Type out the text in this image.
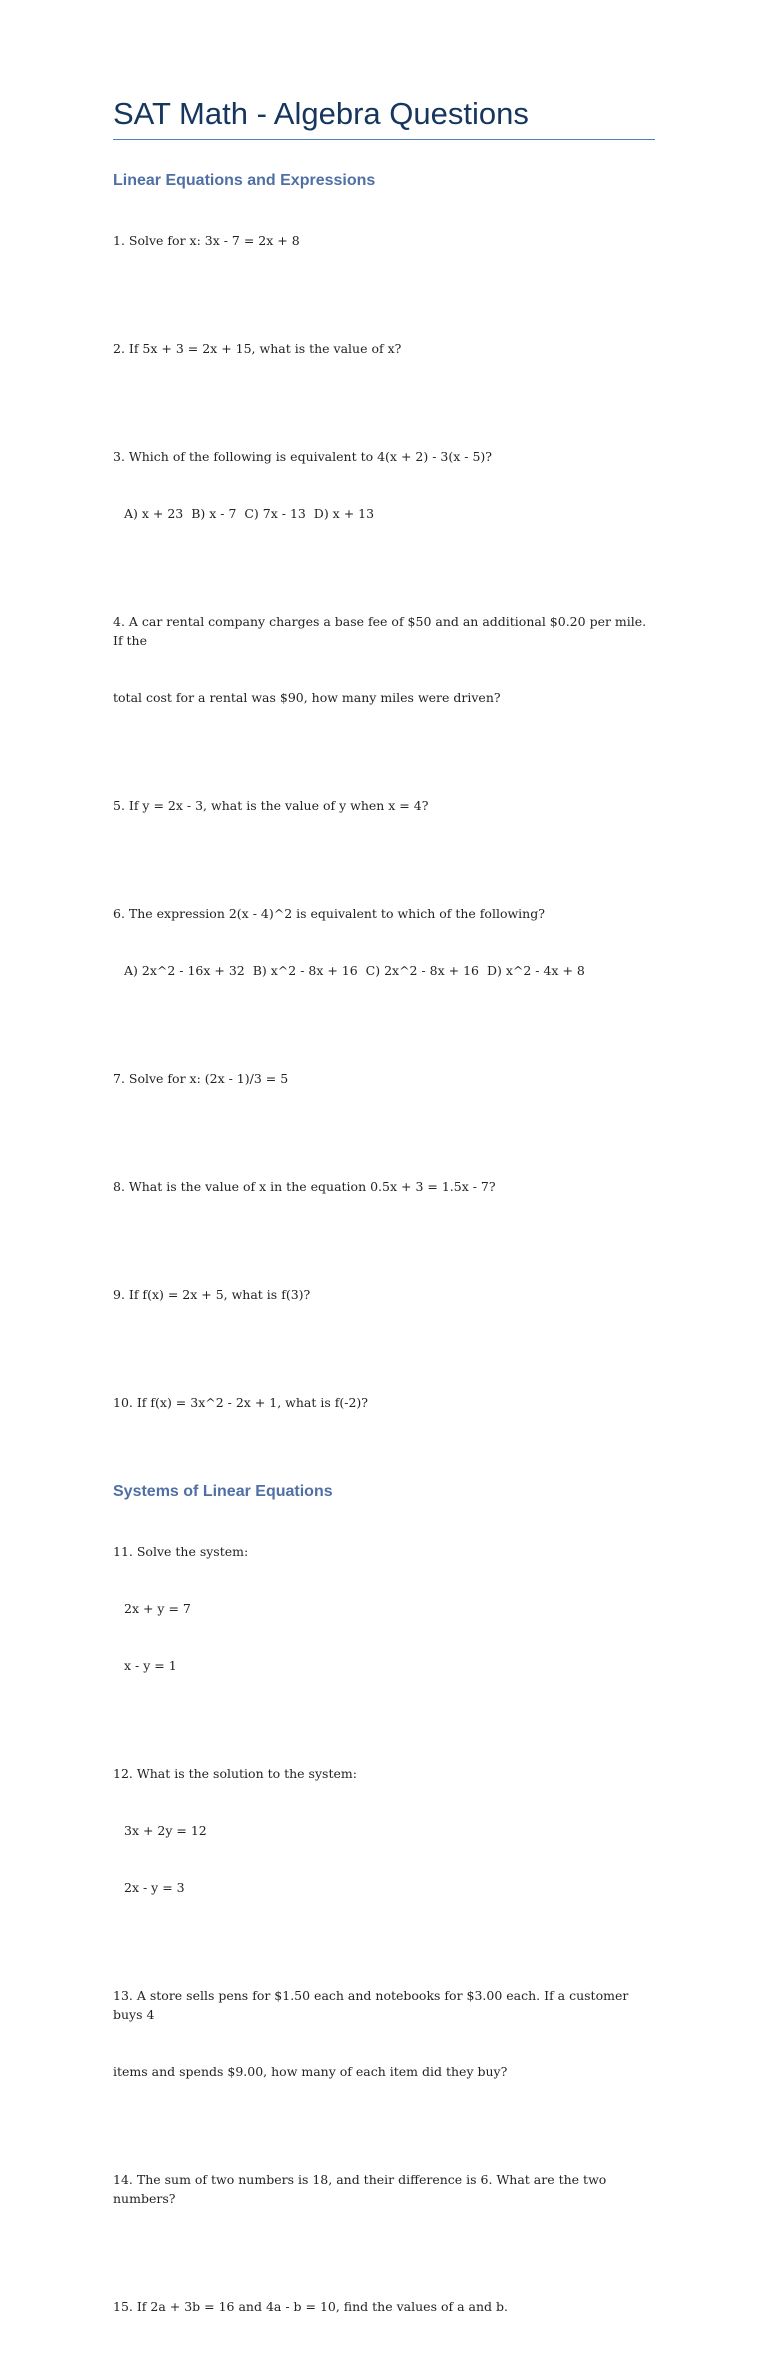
SAT Math - Algebra Questions
Linear Equations and Expressions

1. Solve for x: 3x - 7 = 2x + 8

2. If 5x + 3 = 2x + 15, what is the value of x?

3. Which of the following is equivalent to 4(x + 2) - 3(x - 5)?

A) x + 23  B) x - 7  C) 7x - 13  D) x + 13

4. A car rental company charges a base fee of $50 and an additional $0.20 per mile. If the

total cost for a rental was $90, how many miles were driven?

5. If y = 2x - 3, what is the value of y when x = 4?

6. The expression 2(x - 4)^2 is equivalent to which of the following?

A) 2x^2 - 16x + 32  B) x^2 - 8x + 16  C) 2x^2 - 8x + 16  D) x^2 - 4x + 8

7. Solve for x: (2x - 1)/3 = 5

8. What is the value of x in the equation 0.5x + 3 = 1.5x - 7?

9. If f(x) = 2x + 5, what is f(3)?

10. If f(x) = 3x^2 - 2x + 1, what is f(-2)?

Systems of Linear Equations

11. Solve the system:

2x + y = 7

x - y = 1

12. What is the solution to the system:

3x + 2y = 12

2x - y = 3

13. A store sells pens for $1.50 each and notebooks for $3.00 each. If a customer buys 4

items and spends $9.00, how many of each item did they buy?

14. The sum of two numbers is 18, and their difference is 6. What are the two numbers?

15. If 2a + 3b = 16 and 4a - b = 10, find the values of a and b.
